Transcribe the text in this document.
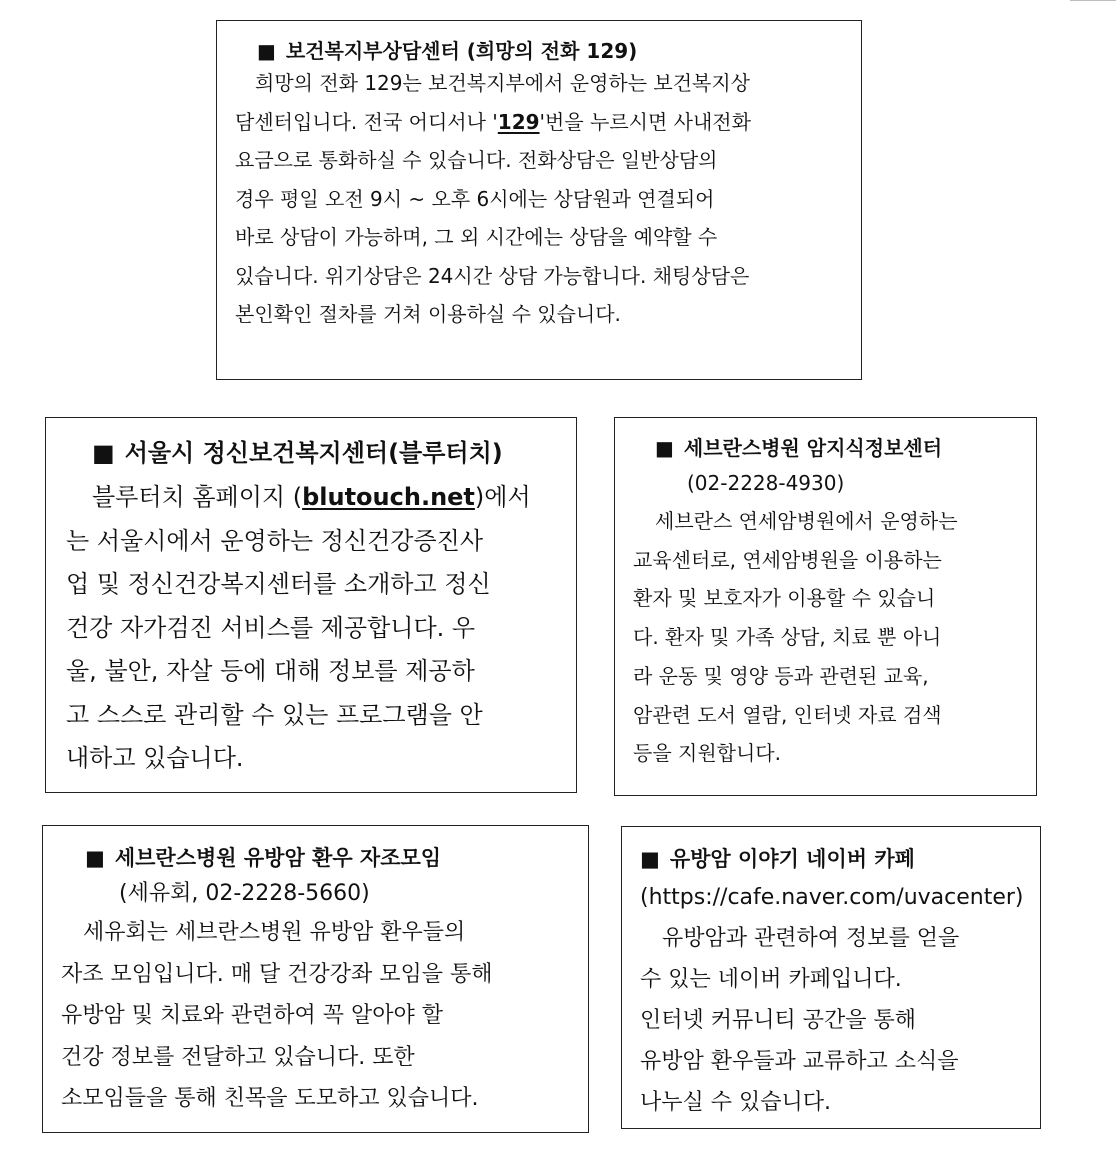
■ 보건복지부상담센터 (희망의 전화 129)

희망의 전화 129는 보건복지부에서 운영하는 보건복지상

담센터입니다. 전국 어디서나 '129'번을 누르시면 사내전화

요금으로 통화하실 수 있습니다. 전화상담은 일반상담의

경우 평일 오전 9시 ~ 오후 6시에는 상담원과 연결되어

바로 상담이 가능하며, 그 외 시간에는 상담을 예약할 수

있습니다. 위기상담은 24시간 상담 가능합니다. 채팅상담은

본인확인 절차를 거쳐 이용하실 수 있습니다.

■ 서울시 정신보건복지센터(블루터치)

블루터치 홈페이지 (blutouch.net)에서

는 서울시에서 운영하는 정신건강증진사

업 및 정신건강복지센터를 소개하고 정신

건강 자가검진 서비스를 제공합니다. 우

울, 불안, 자살 등에 대해 정보를 제공하

고 스스로 관리할 수 있는 프로그램을 안

내하고 있습니다.

■ 세브란스병원 암지식정보센터

(02-2228-4930)

세브란스 연세암병원에서 운영하는

교육센터로, 연세암병원을 이용하는

환자 및 보호자가 이용할 수 있습니

다. 환자 및 가족 상담, 치료 뿐 아니

라 운동 및 영양 등과 관련된 교육,

암관련 도서 열람, 인터넷 자료 검색

등을 지원합니다.

■ 세브란스병원 유방암 환우 자조모임

(세유회, 02-2228-5660)

세유회는 세브란스병원 유방암 환우들의

자조 모임입니다. 매 달 건강강좌 모임을 통해

유방암 및 치료와 관련하여 꼭 알아야 할

건강 정보를 전달하고 있습니다. 또한

소모임들을 통해 친목을 도모하고 있습니다.

■ 유방암 이야기 네이버 카페

(https://cafe.naver.com/uvacenter)

유방암과 관련하여 정보를 얻을

수 있는 네이버 카페입니다.

인터넷 커뮤니티 공간을 통해

유방암 환우들과 교류하고 소식을

나누실 수 있습니다.
